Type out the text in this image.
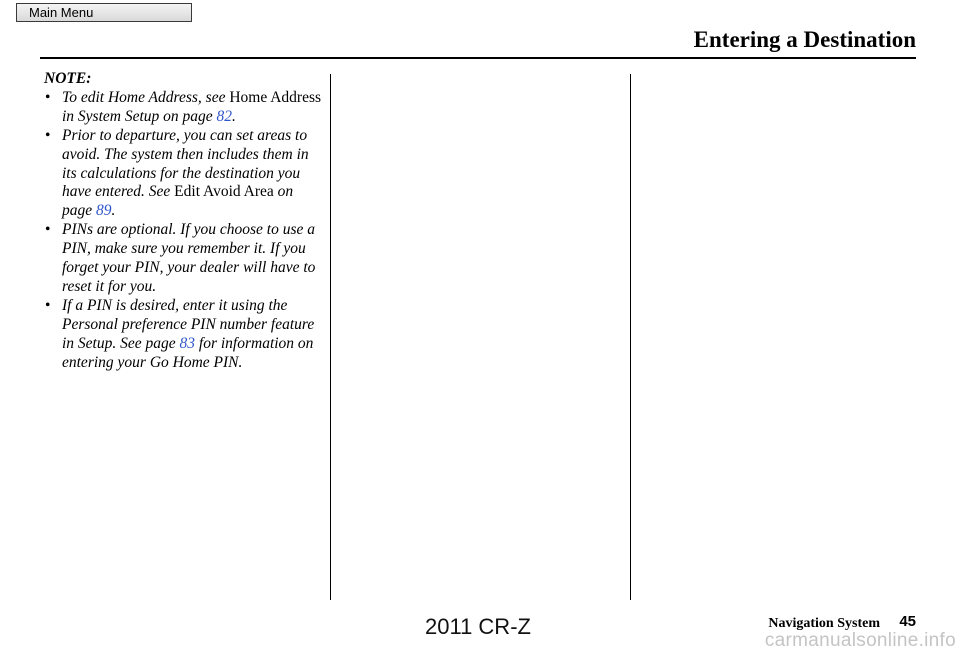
Main Menu
Entering a Destination
NOTE:
• To edit Home Address, see Home Address in System Setup on page 82.
• Prior to departure, you can set areas to avoid. The system then includes them in its calculations for the destination you have entered. See Edit Avoid Area on page 89.
• PINs are optional. If you choose to use a PIN, make sure you remember it. If you forget your PIN, your dealer will have to reset it for you.
• If a PIN is desired, enter it using the Personal preference PIN number feature in Setup. See page 83 for information on entering your Go Home PIN.
Navigation System 45
2011 CR-Z
carmanualsonline.info
